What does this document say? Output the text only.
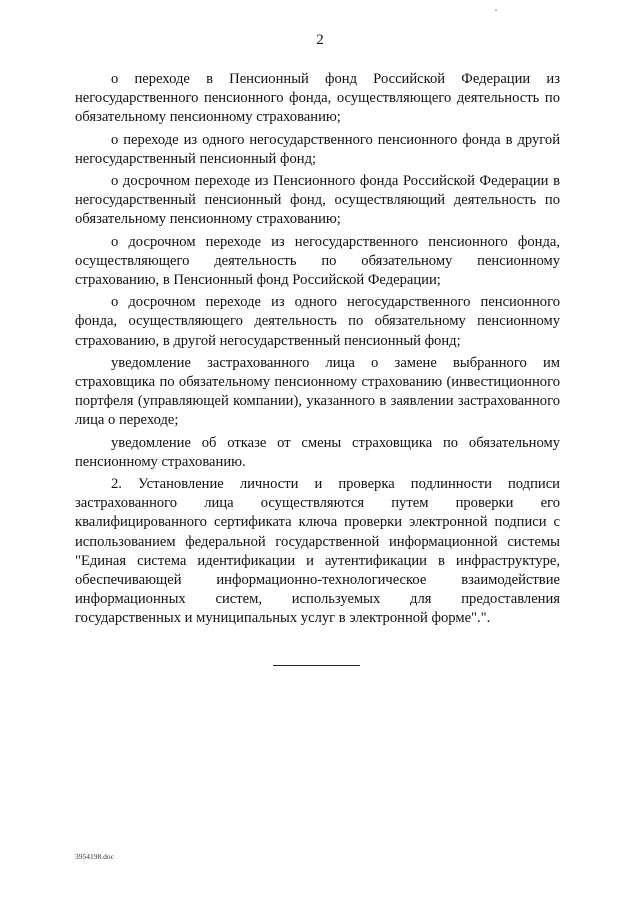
2

о переходе в Пенсионный фонд Российской Федерации из негосударственного пенсионного фонда, осуществляющего деятельность по обязательному пенсионному страхованию;

о переходе из одного негосударственного пенсионного фонда в другой негосударственный пенсионный фонд;

о досрочном переходе из Пенсионного фонда Российской Федерации в негосударственный пенсионный фонд, осуществляющий деятельность по обязательному пенсионному страхованию;

о досрочном переходе из негосударственного пенсионного фонда, осуществляющего деятельность по обязательному пенсионному страхованию, в Пенсионный фонд Российской Федерации;

о досрочном переходе из одного негосударственного пенсионного фонда, осуществляющего деятельность по обязательному пенсионному страхованию, в другой негосударственный пенсионный фонд;

уведомление застрахованного лица о замене выбранного им страховщика по обязательному пенсионному страхованию (инвестиционного портфеля (управляющей компании), указанного в заявлении застрахованного лица о переходе;

уведомление об отказе от смены страховщика по обязательному пенсионному страхованию.

2. Установление личности и проверка подлинности подписи застрахованного лица осуществляются путем проверки его квалифицированного сертификата ключа проверки электронной подписи с использованием федеральной государственной информационной системы "Единая система идентификации и аутентификации в инфраструктуре, обеспечивающей информационно-технологическое взаимодействие информационных систем, используемых для предоставления государственных и муниципальных услуг в электронной форме".".

3954198.doc
